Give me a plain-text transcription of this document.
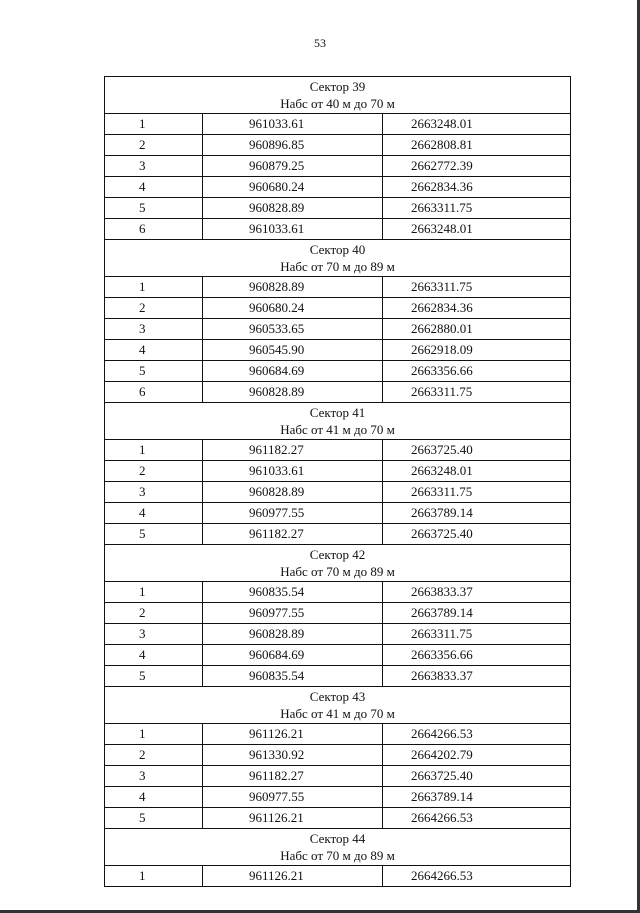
53
Сектор 39
Набс от 40 м до 70 м		

1	961033.61	2663248.01
2	960896.85	2662808.81
3	960879.25	2662772.39
4	960680.24	2662834.36
5	960828.89	2663311.75
6	961033.61	2663248.01

Сектор 40
Набс от 70 м до 89 м		

1	960828.89	2663311.75
2	960680.24	2662834.36
3	960533.65	2662880.01
4	960545.90	2662918.09
5	960684.69	2663356.66
6	960828.89	2663311.75

Сектор 41
Набс от 41 м до 70 м		

1	961182.27	2663725.40
2	961033.61	2663248.01
3	960828.89	2663311.75
4	960977.55	2663789.14
5	961182.27	2663725.40

Сектор 42
Набс от 70 м до 89 м		

1	960835.54	2663833.37
2	960977.55	2663789.14
3	960828.89	2663311.75
4	960684.69	2663356.66
5	960835.54	2663833.37

Сектор 43
Набс от 41 м до 70 м		

1	961126.21	2664266.53
2	961330.92	2664202.79
3	961182.27	2663725.40
4	960977.55	2663789.14
5	961126.21	2664266.53

Сектор 44
Набс от 70 м до 89 м		

1	961126.21	2664266.53
